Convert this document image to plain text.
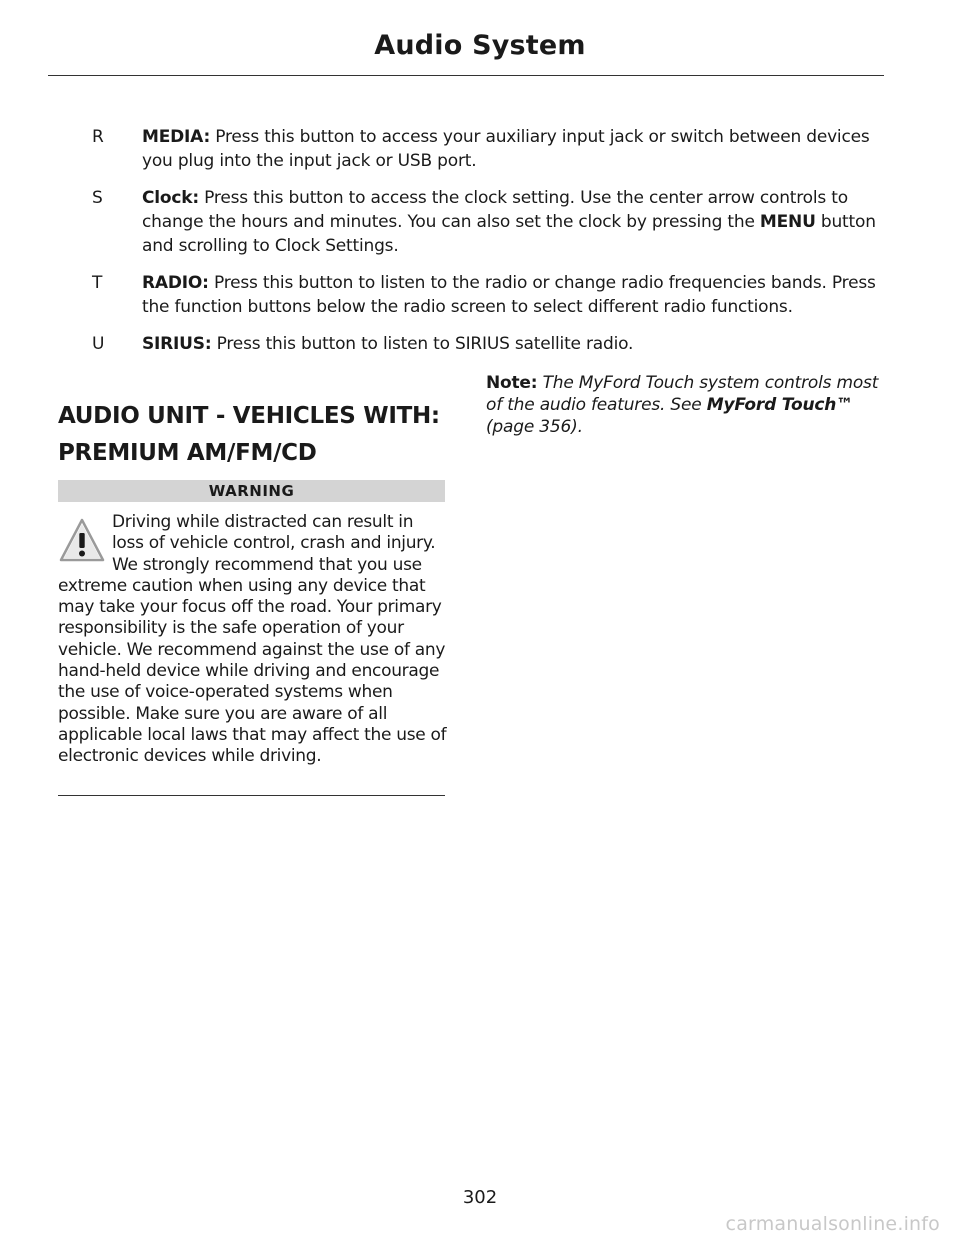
Audio System
R	MEDIA: Press this button to access your auxiliary input jack or switch between devices you plug into the input jack or USB port.
S	Clock: Press this button to access the clock setting. Use the center arrow controls to change the hours and minutes. You can also set the clock by pressing the MENU button and scrolling to Clock Settings.
T	RADIO: Press this button to listen to the radio or change radio frequencies bands. Press the function buttons below the radio screen to select different radio functions.
U	SIRIUS: Press this button to listen to SIRIUS satellite radio.
AUDIO UNIT - VEHICLES WITH:
PREMIUM AM/FM/CD
WARNING
Driving while distracted can result in loss of vehicle control, crash and injury. We strongly recommend that you use extreme caution when using any device that may take your focus off the road. Your primary responsibility is the safe operation of your vehicle. We recommend against the use of any hand-held device while driving and encourage the use of voice-operated systems when possible. Make sure you are aware of all applicable local laws that may affect the use of electronic devices while driving.
Note: The MyFord Touch system controls most of the audio features. See MyFord Touch™ (page 356).
302
carmanualsonline.info
